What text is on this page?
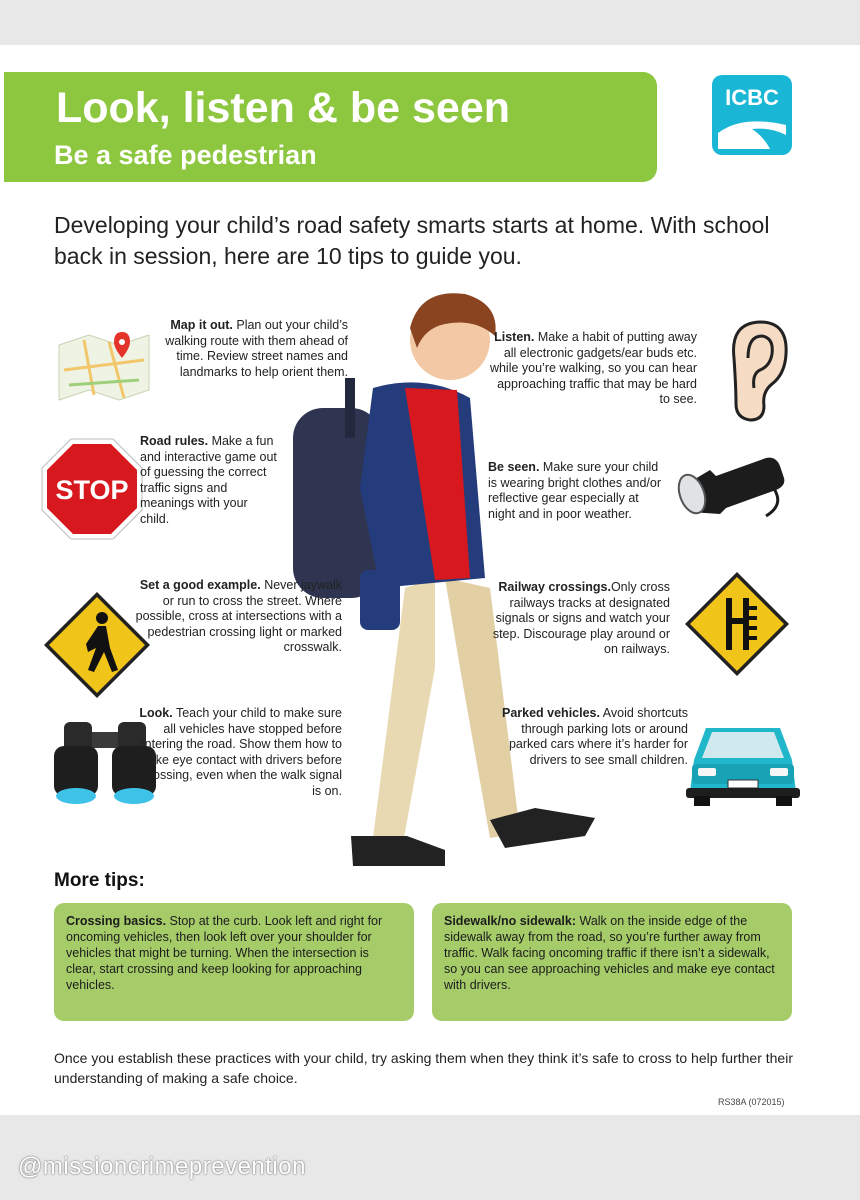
Look, listen & be seen
Be a safe pedestrian
ICBC
Developing your child’s road safety smarts starts at home. With school back in session, here are 10 tips to guide you.
Map it out. Plan out your child’s walking route with them ahead of time. Review street names and landmarks to help orient them.
STOP
Road rules. Make a fun and interactive game out of guessing the correct traffic signs and meanings with your child.
Set a good example. Never jaywalk or run to cross the street. Where possible, cross at intersections with a pedestrian crossing light or marked crosswalk.
Look. Teach your child to make sure all vehicles have stopped before entering the road. Show them how to make eye contact with drivers before crossing, even when the walk signal is on.
Listen. Make a habit of putting away all electronic gadgets/ear buds etc. while you’re walking, so you can hear approaching traffic that may be hard to see.
Be seen. Make sure your child is wearing bright clothes and/or reflective gear especially at night and in poor weather.
Railway crossings.Only cross railways tracks at designated signals or signs and watch your step. Discourage play around or on railways.
Parked vehicles. Avoid shortcuts through parking lots or around parked cars where it’s harder for drivers to see small children.
More tips:
Crossing basics. Stop at the curb. Look left and right for oncoming vehicles, then look left over your shoulder for vehicles that might be turning. When the intersection is clear, start crossing and keep looking for approaching vehicles.
Sidewalk/no sidewalk: Walk on the inside edge of the sidewalk away from the road, so you’re further away from traffic. Walk facing oncoming traffic if there isn’t a sidewalk, so you can see approaching vehicles and make eye contact with drivers.
Once you establish these practices with your child, try asking them when they think it’s safe to cross to help further their understanding of making a safe choice.
RS38A (072015)
@missioncrimeprevention
